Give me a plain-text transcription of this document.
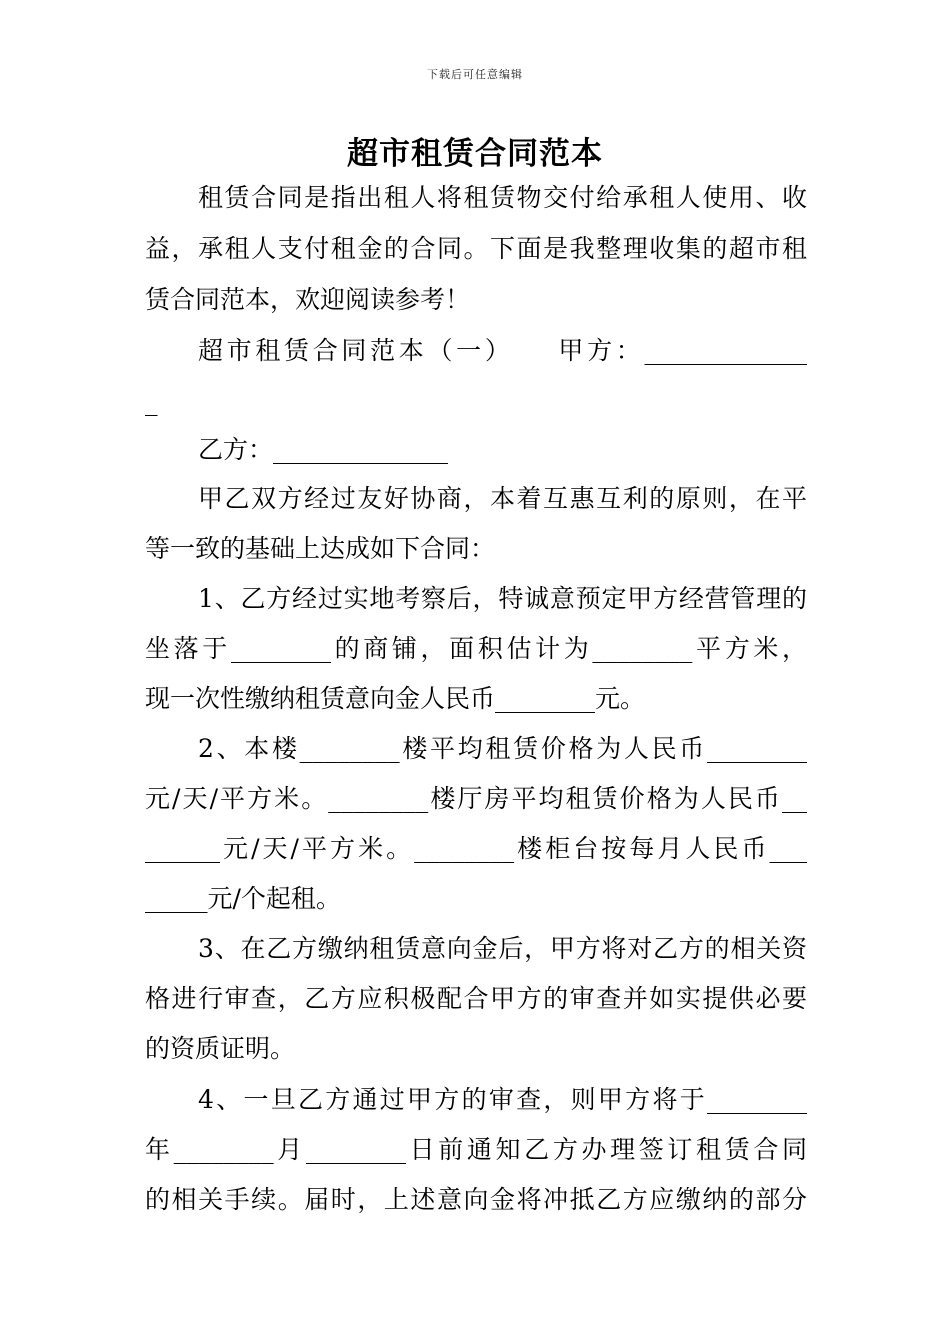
下载后可任意编辑
超市租赁合同范本

租赁合同是指出租人将租赁物交付给承租人使用、收

益，承租人支付租金的合同。下面是我整理收集的超市租

赁合同范本，欢迎阅读参考！

超市租赁合同范本（一）　　甲方：_____________

_

乙方：______________

甲乙双方经过友好协商，本着互惠互利的原则，在平

等一致的基础上达成如下合同：

1、乙方经过实地考察后，特诚意预定甲方经营管理的

坐落于________的商铺，面积估计为________平方米，

现一次性缴纳租赁意向金人民币________元。

2、本楼________楼平均租赁价格为人民币________

元/天/平方米。________楼厅房平均租赁价格为人民币__

______元/天/平方米。________楼柜台按每月人民币___

_____元/个起租。

3、在乙方缴纳租赁意向金后，甲方将对乙方的相关资

格进行审查，乙方应积极配合甲方的审查并如实提供必要

的资质证明。

4、一旦乙方通过甲方的审查，则甲方将于________

年________月________日前通知乙方办理签订租赁合同

的相关手续。届时，上述意向金将冲抵乙方应缴纳的部分
